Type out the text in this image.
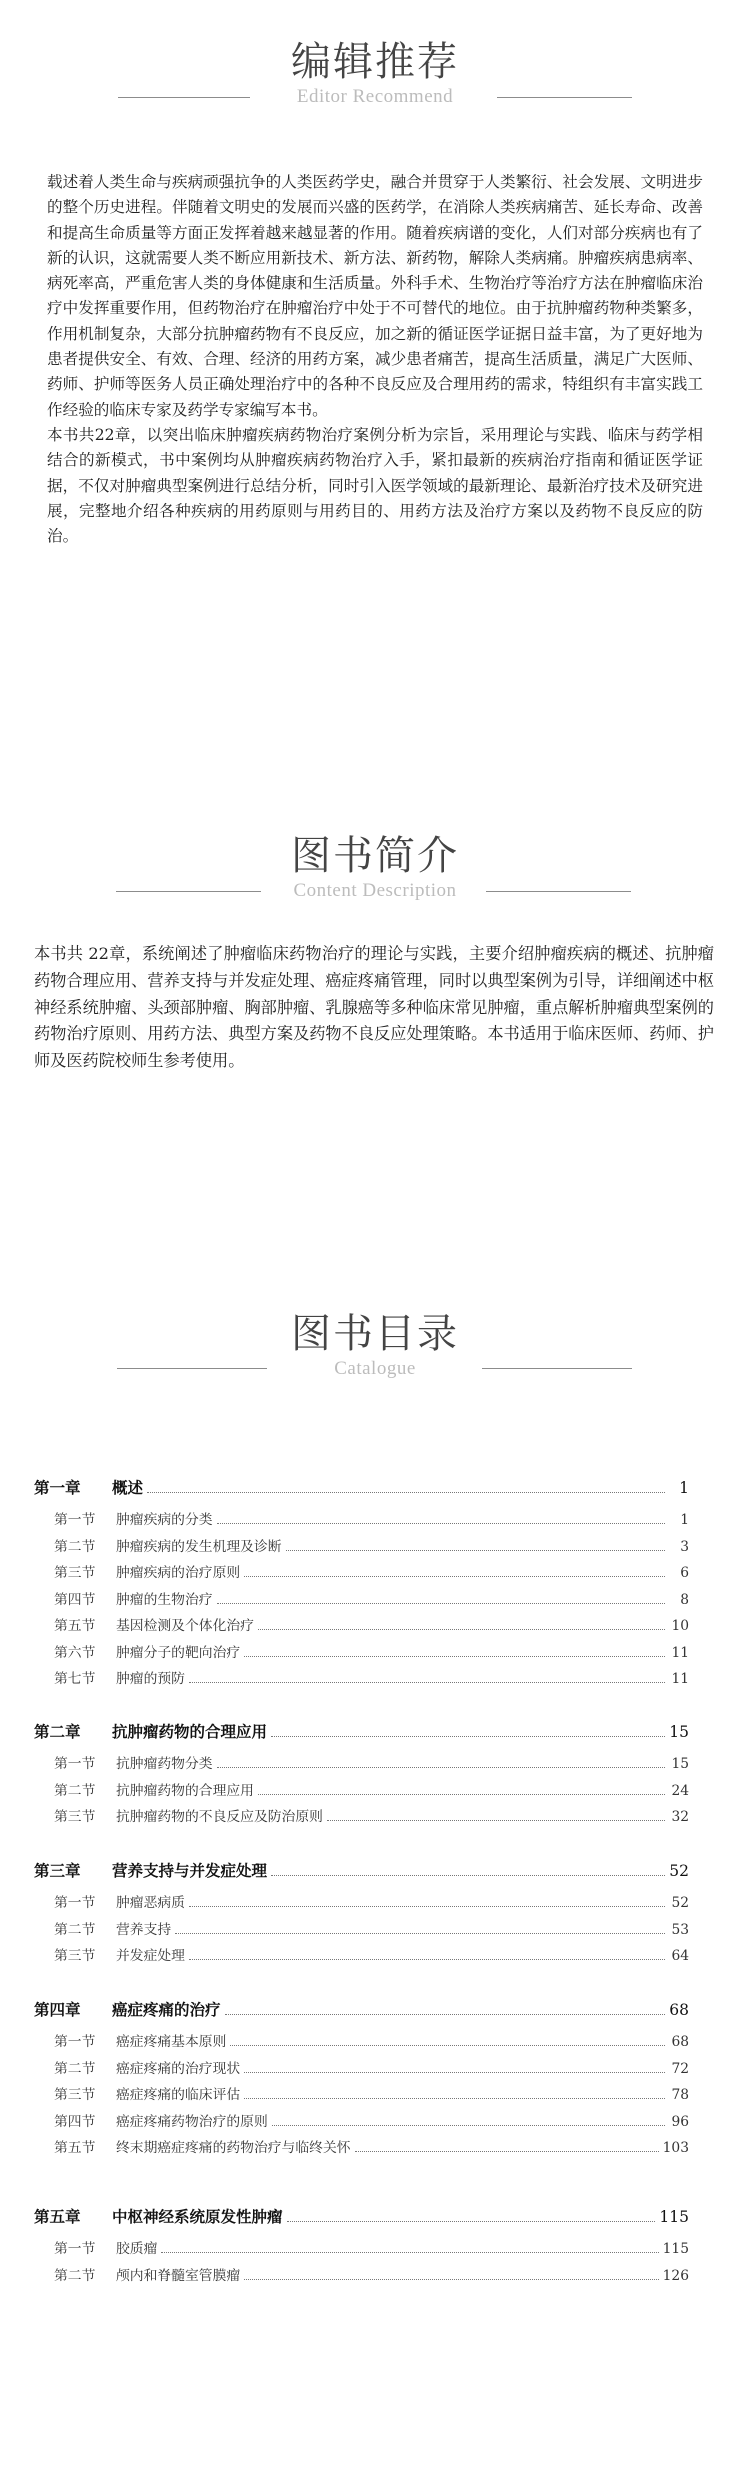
编辑推荐
Editor Recommend

载述着人类生命与疾病顽强抗争的人类医药学史，融合并贯穿于人类繁衍、社会发展、文明进步的整个历史进程。伴随着文明史的发展而兴盛的医药学，在消除人类疾病痛苦、延长寿命、改善和提高生命质量等方面正发挥着越来越显著的作用。随着疾病谱的变化，人们对部分疾病也有了新的认识，这就需要人类不断应用新技术、新方法、新药物，解除人类病痛。肿瘤疾病患病率、病死率高，严重危害人类的身体健康和生活质量。外科手术、生物治疗等治疗方法在肿瘤临床治疗中发挥重要作用，但药物治疗在肿瘤治疗中处于不可替代的地位。由于抗肿瘤药物种类繁多，作用机制复杂，大部分抗肿瘤药物有不良反应，加之新的循证医学证据日益丰富，为了更好地为患者提供安全、有效、合理、经济的用药方案，减少患者痛苦，提高生活质量，满足广大医师、药师、护师等医务人员正确处理治疗中的各种不良反应及合理用药的需求，特组织有丰富实践工作经验的临床专家及药学专家编写本书。

本书共22章，以突出临床肿瘤疾病药物治疗案例分析为宗旨，采用理论与实践、临床与药学相结合的新模式，书中案例均从肿瘤疾病药物治疗入手，紧扣最新的疾病治疗指南和循证医学证据，不仅对肿瘤典型案例进行总结分析，同时引入医学领域的最新理论、最新治疗技术及研究进展，完整地介绍各种疾病的用药原则与用药目的、用药方法及治疗方案以及药物不良反应的防治。

图书简介
Content Description

本书共 22章，系统阐述了肿瘤临床药物治疗的理论与实践，主要介绍肿瘤疾病的概述、抗肿瘤药物合理应用、营养支持与并发症处理、癌症疼痛管理，同时以典型案例为引导，详细阐述中枢神经系统肿瘤、头颈部肿瘤、胸部肿瘤、乳腺癌等多种临床常见肿瘤，重点解析肿瘤典型案例的药物治疗原则、用药方法、典型方案及药物不良反应处理策略。本书适用于临床医师、药师、护师及医药院校师生参考使用。

图书目录
Catalogue
第一章	概述	1
第一节	肿瘤疾病的分类	1
第二节	肿瘤疾病的发生机理及诊断	3
第三节	肿瘤疾病的治疗原则	6
第四节	肿瘤的生物治疗	8
第五节	基因检测及个体化治疗	10
第六节	肿瘤分子的靶向治疗	11
第七节	肿瘤的预防	11
第二章	抗肿瘤药物的合理应用	15
第一节	抗肿瘤药物分类	15
第二节	抗肿瘤药物的合理应用	24
第三节	抗肿瘤药物的不良反应及防治原则	32
第三章	营养支持与并发症处理	52
第一节	肿瘤恶病质	52
第二节	营养支持	53
第三节	并发症处理	64
第四章	癌症疼痛的治疗	68
第一节	癌症疼痛基本原则	68
第二节	癌症疼痛的治疗现状	72
第三节	癌症疼痛的临床评估	78
第四节	癌症疼痛药物治疗的原则	96
第五节	终末期癌症疼痛的药物治疗与临终关怀	103
第五章	中枢神经系统原发性肿瘤	115
第一节	胶质瘤	115
第二节	颅内和脊髓室管膜瘤	126
